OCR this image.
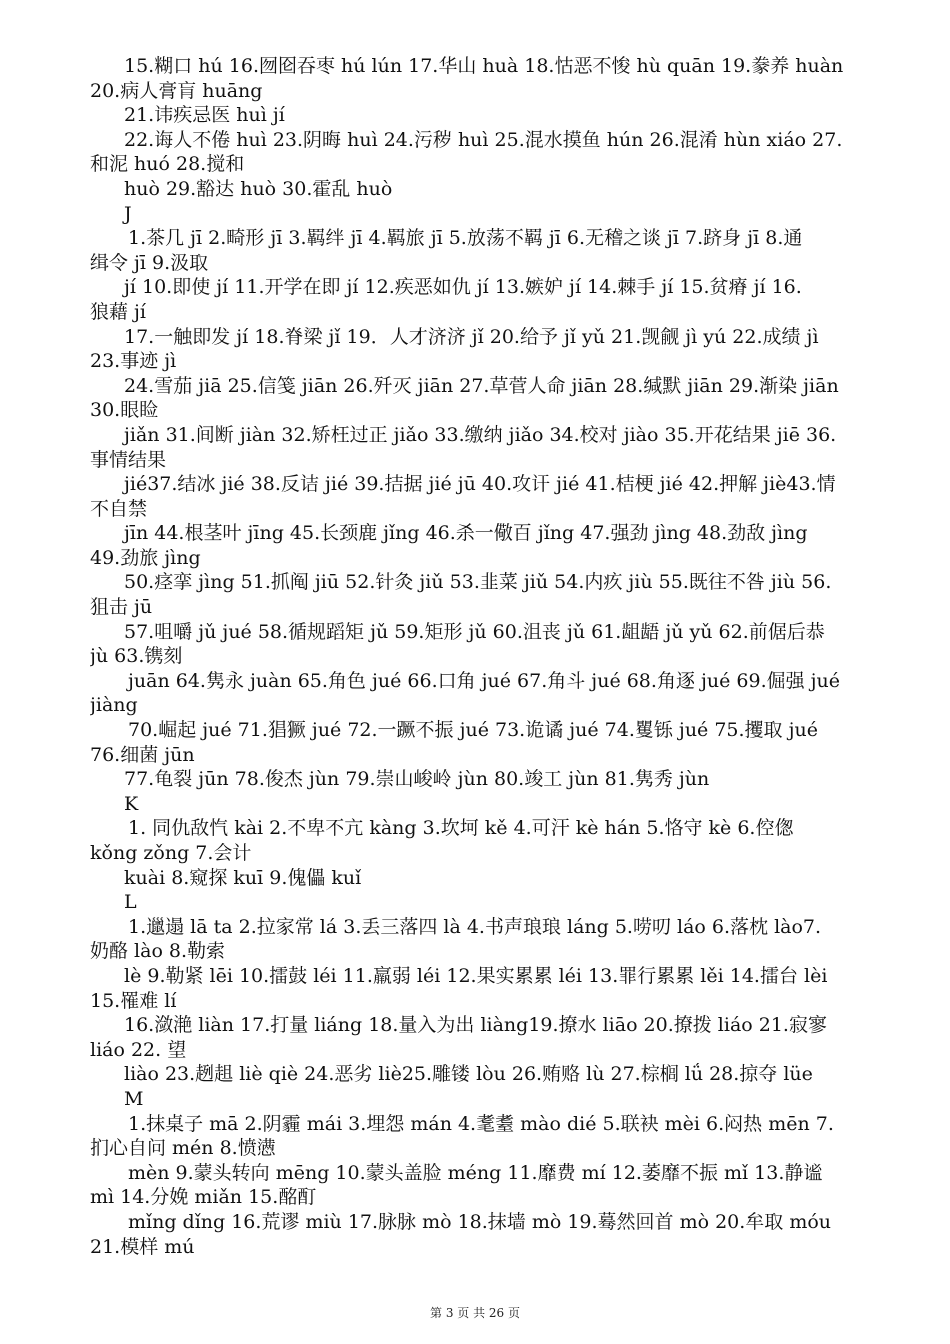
15.糊口 hú 16.囫囵吞枣 hú lún 17.华山 huà 18.怙恶不悛 hù quān 19.豢养 huàn
20.病人膏肓 huāng
21.讳疾忌医 huì jí
22.诲人不倦 huì 23.阴晦 huì 24.污秽 huì 25.混水摸鱼 hún 26.混淆 hùn xiáo 27.
和泥 huó 28.搅和
huò 29.豁达 huò 30.霍乱 huò
J
1.茶几 jī 2.畸形 jī 3.羁绊 jī 4.羁旅 jī 5.放荡不羁 jī 6.无稽之谈 jī 7.跻身 jī 8.通
缉令 jī 9.汲取
jí 10.即使 jí 11.开学在即 jí 12.疾恶如仇 jí 13.嫉妒 jí 14.棘手 jí 15.贫瘠 jí 16.
狼藉 jí
17.一触即发 jí 18.脊梁 jǐ 19．人才济济 jǐ 20.给予 jǐ yǔ 21.觊觎 jì yú 22.成绩 jì
23.事迹 jì
24.雪茄 jiā 25.信笺 jiān 26.歼灭 jiān 27.草菅人命 jiān 28.缄默 jiān 29.渐染 jiān
30.眼睑
jiǎn 31.间断 jiàn 32.矫枉过正 jiǎo 33.缴纳 jiǎo 34.校对 jiào 35.开花结果 jiē 36.
事情结果
jié37.结冰 jié 38.反诘 jié 39.拮据 jié jū 40.攻讦 jié 41.桔梗 jié 42.押解 jiè43.情
不自禁
jīn 44.根茎叶 jīng 45.长颈鹿 jǐng 46.杀一儆百 jǐng 47.强劲 jìng 48.劲敌 jìng
49.劲旅 jìng
50.痉挛 jìng 51.抓阄 jiū 52.针灸 jiǔ 53.韭菜 jiǔ 54.内疚 jiù 55.既往不咎 jiù 56.
狙击 jū
57.咀嚼 jǔ jué 58.循规蹈矩 jǔ 59.矩形 jǔ 60.沮丧 jǔ 61.龃龉 jǔ yǔ 62.前倨后恭
jù 63.镌刻
juān 64.隽永 juàn 65.角色 jué 66.口角 jué 67.角斗 jué 68.角逐 jué 69.倔强 jué
jiàng
70.崛起 jué 71.猖獗 jué 72.一蹶不振 jué 73.诡谲 jué 74.矍铄 jué 75.攫取 jué
76.细菌 jūn
77.龟裂 jūn 78.俊杰 jùn 79.崇山峻岭 jùn 80.竣工 jùn 81.隽秀 jùn
K
1. 同仇敌忾 kài 2.不卑不亢 kàng 3.坎坷 kě 4.可汗 kè hán 5.恪守 kè 6.倥偬
kǒng zǒng 7.会计
kuài 8.窥探 kuī 9.傀儡 kuǐ
L
1.邋遢 lā ta 2.拉家常 lá 3.丢三落四 là 4.书声琅琅 láng 5.唠叨 láo 6.落枕 lào7.
奶酪 lào 8.勒索
lè 9.勒紧 lēi 10.擂鼓 léi 11.羸弱 léi 12.果实累累 léi 13.罪行累累 lěi 14.擂台 lèi
15.罹难 lí
16.潋滟 liàn 17.打量 liáng 18.量入为出 liàng19.撩水 liāo 20.撩拨 liáo 21.寂寥
liáo 22. 望
liào 23.趔趄 liè qiè 24.恶劣 liè25.雕镂 lòu 26.贿赂 lù 27.棕榈 lǘ 28.掠夺 lüe
M
1.抹桌子 mā 2.阴霾 mái 3.埋怨 mán 4.耄耋 mào dié 5.联袂 mèi 6.闷热 mēn 7.
扪心自问 mén 8.愤懑
mèn 9.蒙头转向 mēng 10.蒙头盖脸 méng 11.靡费 mí 12.萎靡不振 mǐ 13.静谧
mì 14.分娩 miǎn 15.酩酊
mǐng dǐng 16.荒谬 miù 17.脉脉 mò 18.抹墙 mò 19.蓦然回首 mò 20.牟取 móu
21.模样 mú
第 3 页 共 26 页
